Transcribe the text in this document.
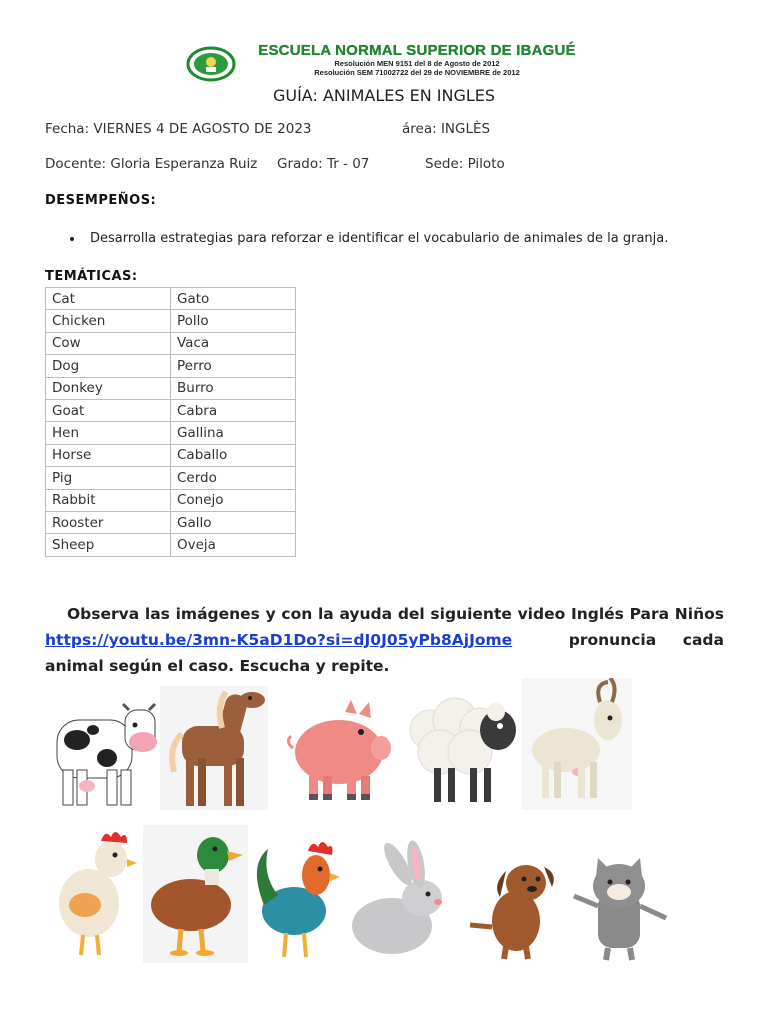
ESCUELA NORMAL SUPERIOR DE IBAGUÉ
Resolución MEN 9151 del 8 de Agosto de 2012
Resolución SEM 71002722 del 29 de NOVIEMBRE de 2012
GUÍA: ANIMALES EN INGLES
Fecha: VIERNES 4 DE AGOSTO DE 2023	área: INGLÈS
Docente: Gloria Esperanza Ruiz Grado: Tr - 07	Sede: Piloto
DESEMPEÑOS:
• Desarrolla estrategias para reforzar e identificar el vocabulario de animales de la granja.
TEMÁTICAS:
Cat	Gato
Chicken	Pollo
Cow	Vaca
Dog	Perro
Donkey	Burro
Goat	Cabra
Hen	Gallina
Horse	Caballo
Pig	Cerdo
Rabbit	Conejo
Rooster	Gallo
Sheep	Oveja
Observa las imágenes y con la ayuda del siguiente video Inglés Para Niños https://youtu.be/3mn-K5aD1Do?si=dJ0J05yPb8AjJome	pronuncia cada animal según el caso. Escucha y repite.
